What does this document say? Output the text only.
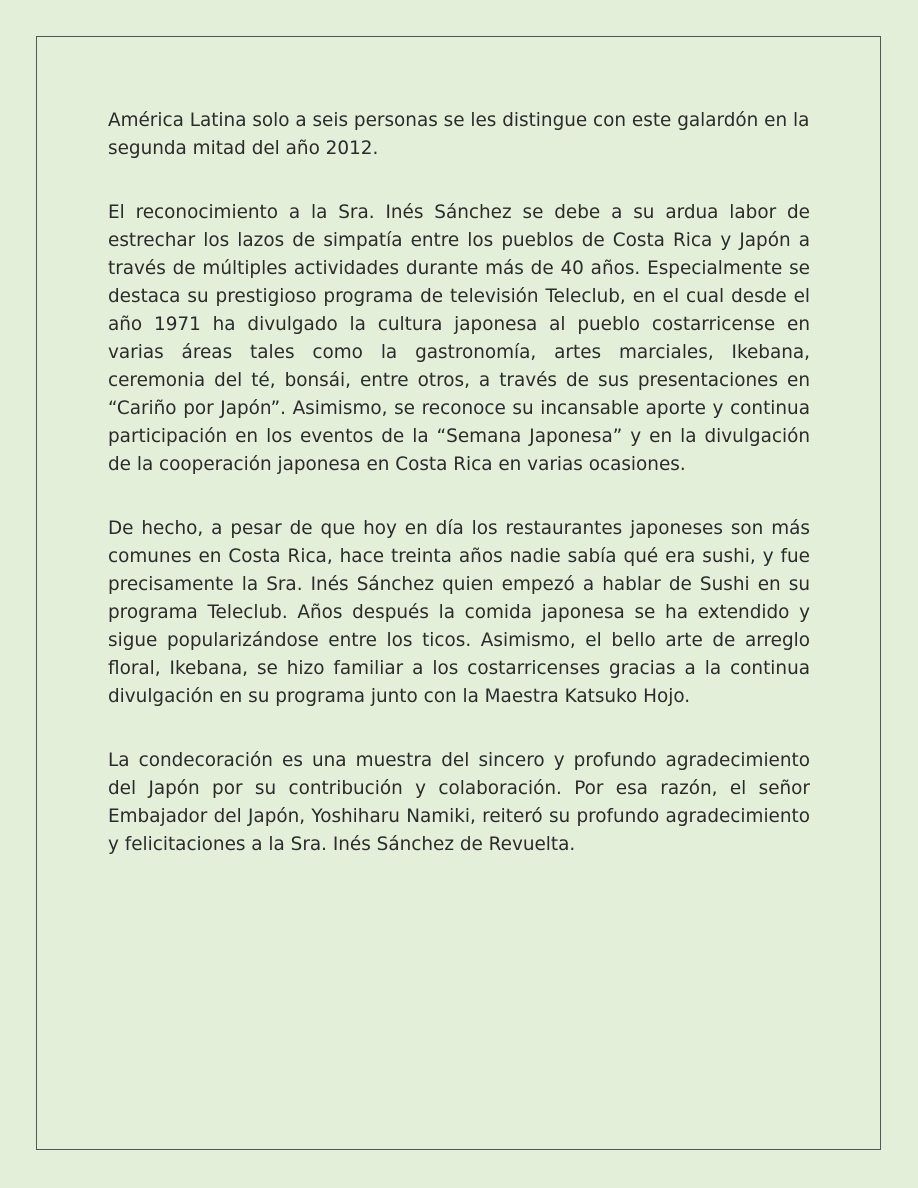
América Latina solo a seis personas se les distingue con este galardón en la segunda mitad del año 2012.

El reconocimiento a la Sra. Inés Sánchez se debe a su ardua labor de estrechar los lazos de simpatía entre los pueblos de Costa Rica y Japón a través de múltiples actividades durante más de 40 años. Especialmente se destaca su prestigioso programa de televisión Teleclub, en el cual desde el año 1971 ha divulgado la cultura japonesa al pueblo costarricense en varias áreas tales como la gastronomía, artes marciales, Ikebana, ceremonia del té, bonsái, entre otros, a través de sus presentaciones en “Cariño por Japón”. Asimismo, se reconoce su incansable aporte y continua participación en los eventos de la “Semana Japonesa” y en la divulgación de la cooperación japonesa en Costa Rica en varias ocasiones.

De hecho, a pesar de que hoy en día los restaurantes japoneses son más comunes en Costa Rica, hace treinta años nadie sabía qué era sushi, y fue precisamente la Sra. Inés Sánchez quien empezó a hablar de Sushi en su programa Teleclub. Años después la comida japonesa se ha extendido y sigue popularizándose entre los ticos. Asimismo, el bello arte de arreglo floral, Ikebana, se hizo familiar a los costarricenses gracias a la continua divulgación en su programa junto con la Maestra Katsuko Hojo.

La condecoración es una muestra del sincero y profundo agradecimiento del Japón por su contribución y colaboración. Por esa razón, el señor Embajador del Japón, Yoshiharu Namiki, reiteró su profundo agradecimiento y felicitaciones a la Sra. Inés Sánchez de Revuelta.
